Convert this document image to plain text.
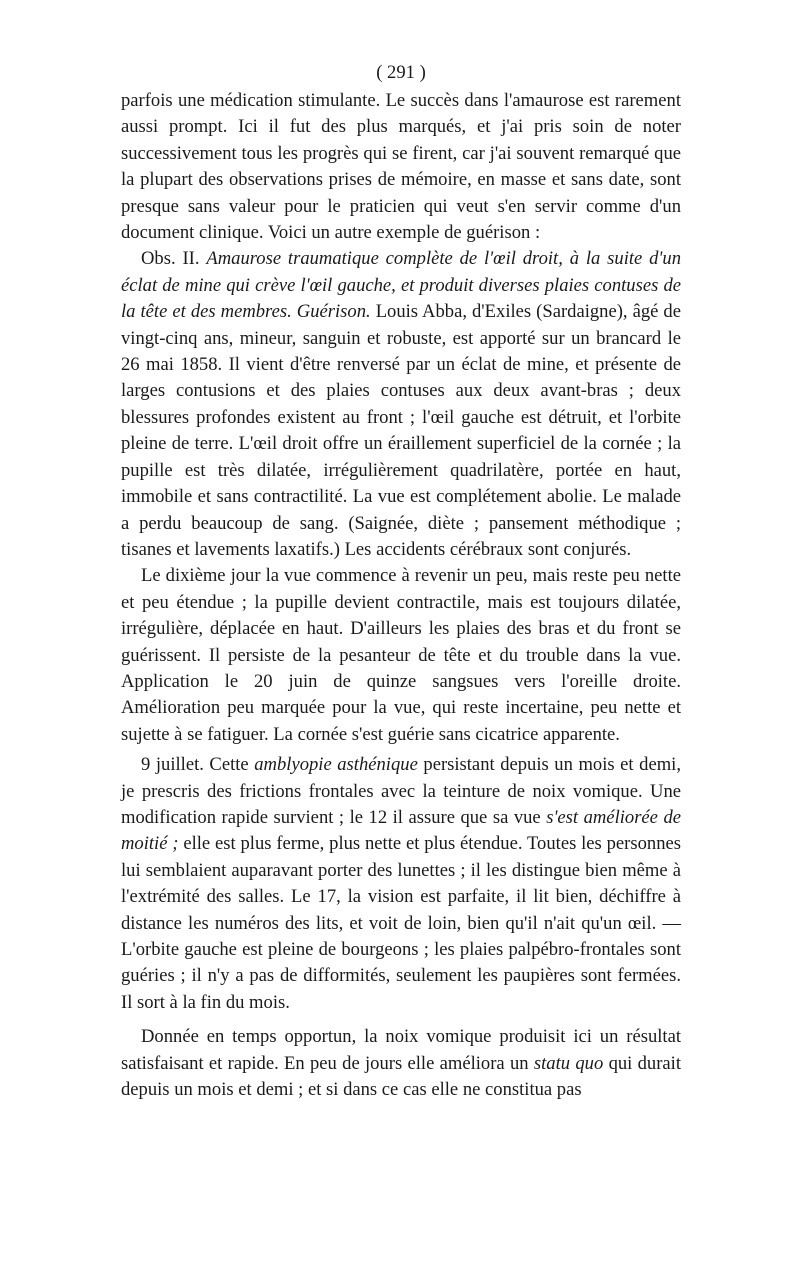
( 291 )

parfois une médication stimulante. Le succès dans l'amaurose est rarement aussi prompt. Ici il fut des plus marqués, et j'ai pris soin de noter successivement tous les progrès qui se firent, car j'ai souvent remarqué que la plupart des observations prises de mémoire, en masse et sans date, sont presque sans valeur pour le praticien qui veut s'en servir comme d'un document clinique. Voici un autre exemple de guérison :

Obs. II. Amaurose traumatique complète de l'œil droit, à la suite d'un éclat de mine qui crève l'œil gauche, et produit diverses plaies contuses de la tête et des membres. Guérison. Louis Abba, d'Exiles (Sardaigne), âgé de vingt-cinq ans, mineur, sanguin et robuste, est apporté sur un brancard le 26 mai 1858. Il vient d'être renversé par un éclat de mine, et présente de larges contusions et des plaies contuses aux deux avant-bras ; deux blessures profondes existent au front ; l'œil gauche est détruit, et l'orbite pleine de terre. L'œil droit offre un éraillement superficiel de la cornée ; la pupille est très dilatée, irrégulièrement quadrilatère, portée en haut, immobile et sans contractilité. La vue est complétement abolie. Le malade a perdu beaucoup de sang. (Saignée, diète ; pansement méthodique ; tisanes et lavements laxatifs.) Les accidents cérébraux sont conjurés.

Le dixième jour la vue commence à revenir un peu, mais reste peu nette et peu étendue ; la pupille devient contractile, mais est toujours dilatée, irrégulière, déplacée en haut. D'ailleurs les plaies des bras et du front se guérissent. Il persiste de la pesanteur de tête et du trouble dans la vue. Application le 20 juin de quinze sangsues vers l'oreille droite. Amélioration peu marquée pour la vue, qui reste incertaine, peu nette et sujette à se fatiguer. La cornée s'est guérie sans cicatrice apparente.

9 juillet. Cette amblyopie asthénique persistant depuis un mois et demi, je prescris des frictions frontales avec la teinture de noix vomique. Une modification rapide survient ; le 12 il assure que sa vue s'est améliorée de moitié ; elle est plus ferme, plus nette et plus étendue. Toutes les personnes lui semblaient auparavant porter des lunettes ; il les distingue bien même à l'extrémité des salles. Le 17, la vision est parfaite, il lit bien, déchiffre à distance les numéros des lits, et voit de loin, bien qu'il n'ait qu'un œil. — L'orbite gauche est pleine de bourgeons ; les plaies palpébro-frontales sont guéries ; il n'y a pas de difformités, seulement les paupières sont fermées. Il sort à la fin du mois.

Donnée en temps opportun, la noix vomique produisit ici un résultat satisfaisant et rapide. En peu de jours elle améliora un statu quo qui durait depuis un mois et demi ; et si dans ce cas elle ne constitua pas
